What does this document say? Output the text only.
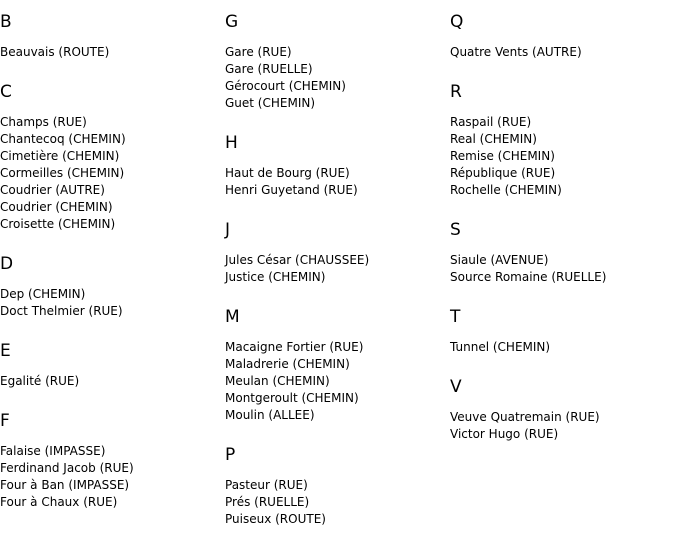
B
Beauvais (ROUTE)
C
Champs (RUE)
Chantecoq (CHEMIN)
Cimetière (CHEMIN)
Cormeilles (CHEMIN)
Coudrier (AUTRE)
Coudrier (CHEMIN)
Croisette (CHEMIN)
D
Dep (CHEMIN)
Doct Thelmier (RUE)
E
Egalité (RUE)
F
Falaise (IMPASSE)
Ferdinand Jacob (RUE)
Four à Ban (IMPASSE)
Four à Chaux (RUE)
G
Gare (RUE)
Gare (RUELLE)
Gérocourt (CHEMIN)
Guet (CHEMIN)
H
Haut de Bourg (RUE)
Henri Guyetand (RUE)
J
Jules César (CHAUSSEE)
Justice (CHEMIN)
M
Macaigne Fortier (RUE)
Maladrerie (CHEMIN)
Meulan (CHEMIN)
Montgeroult (CHEMIN)
Moulin (ALLEE)
P
Pasteur (RUE)
Prés (RUELLE)
Puiseux (ROUTE)
Q
Quatre Vents (AUTRE)
R
Raspail (RUE)
Real (CHEMIN)
Remise (CHEMIN)
République (RUE)
Rochelle (CHEMIN)
S
Siaule (AVENUE)
Source Romaine (RUELLE)
T
Tunnel (CHEMIN)
V
Veuve Quatremain (RUE)
Victor Hugo (RUE)
